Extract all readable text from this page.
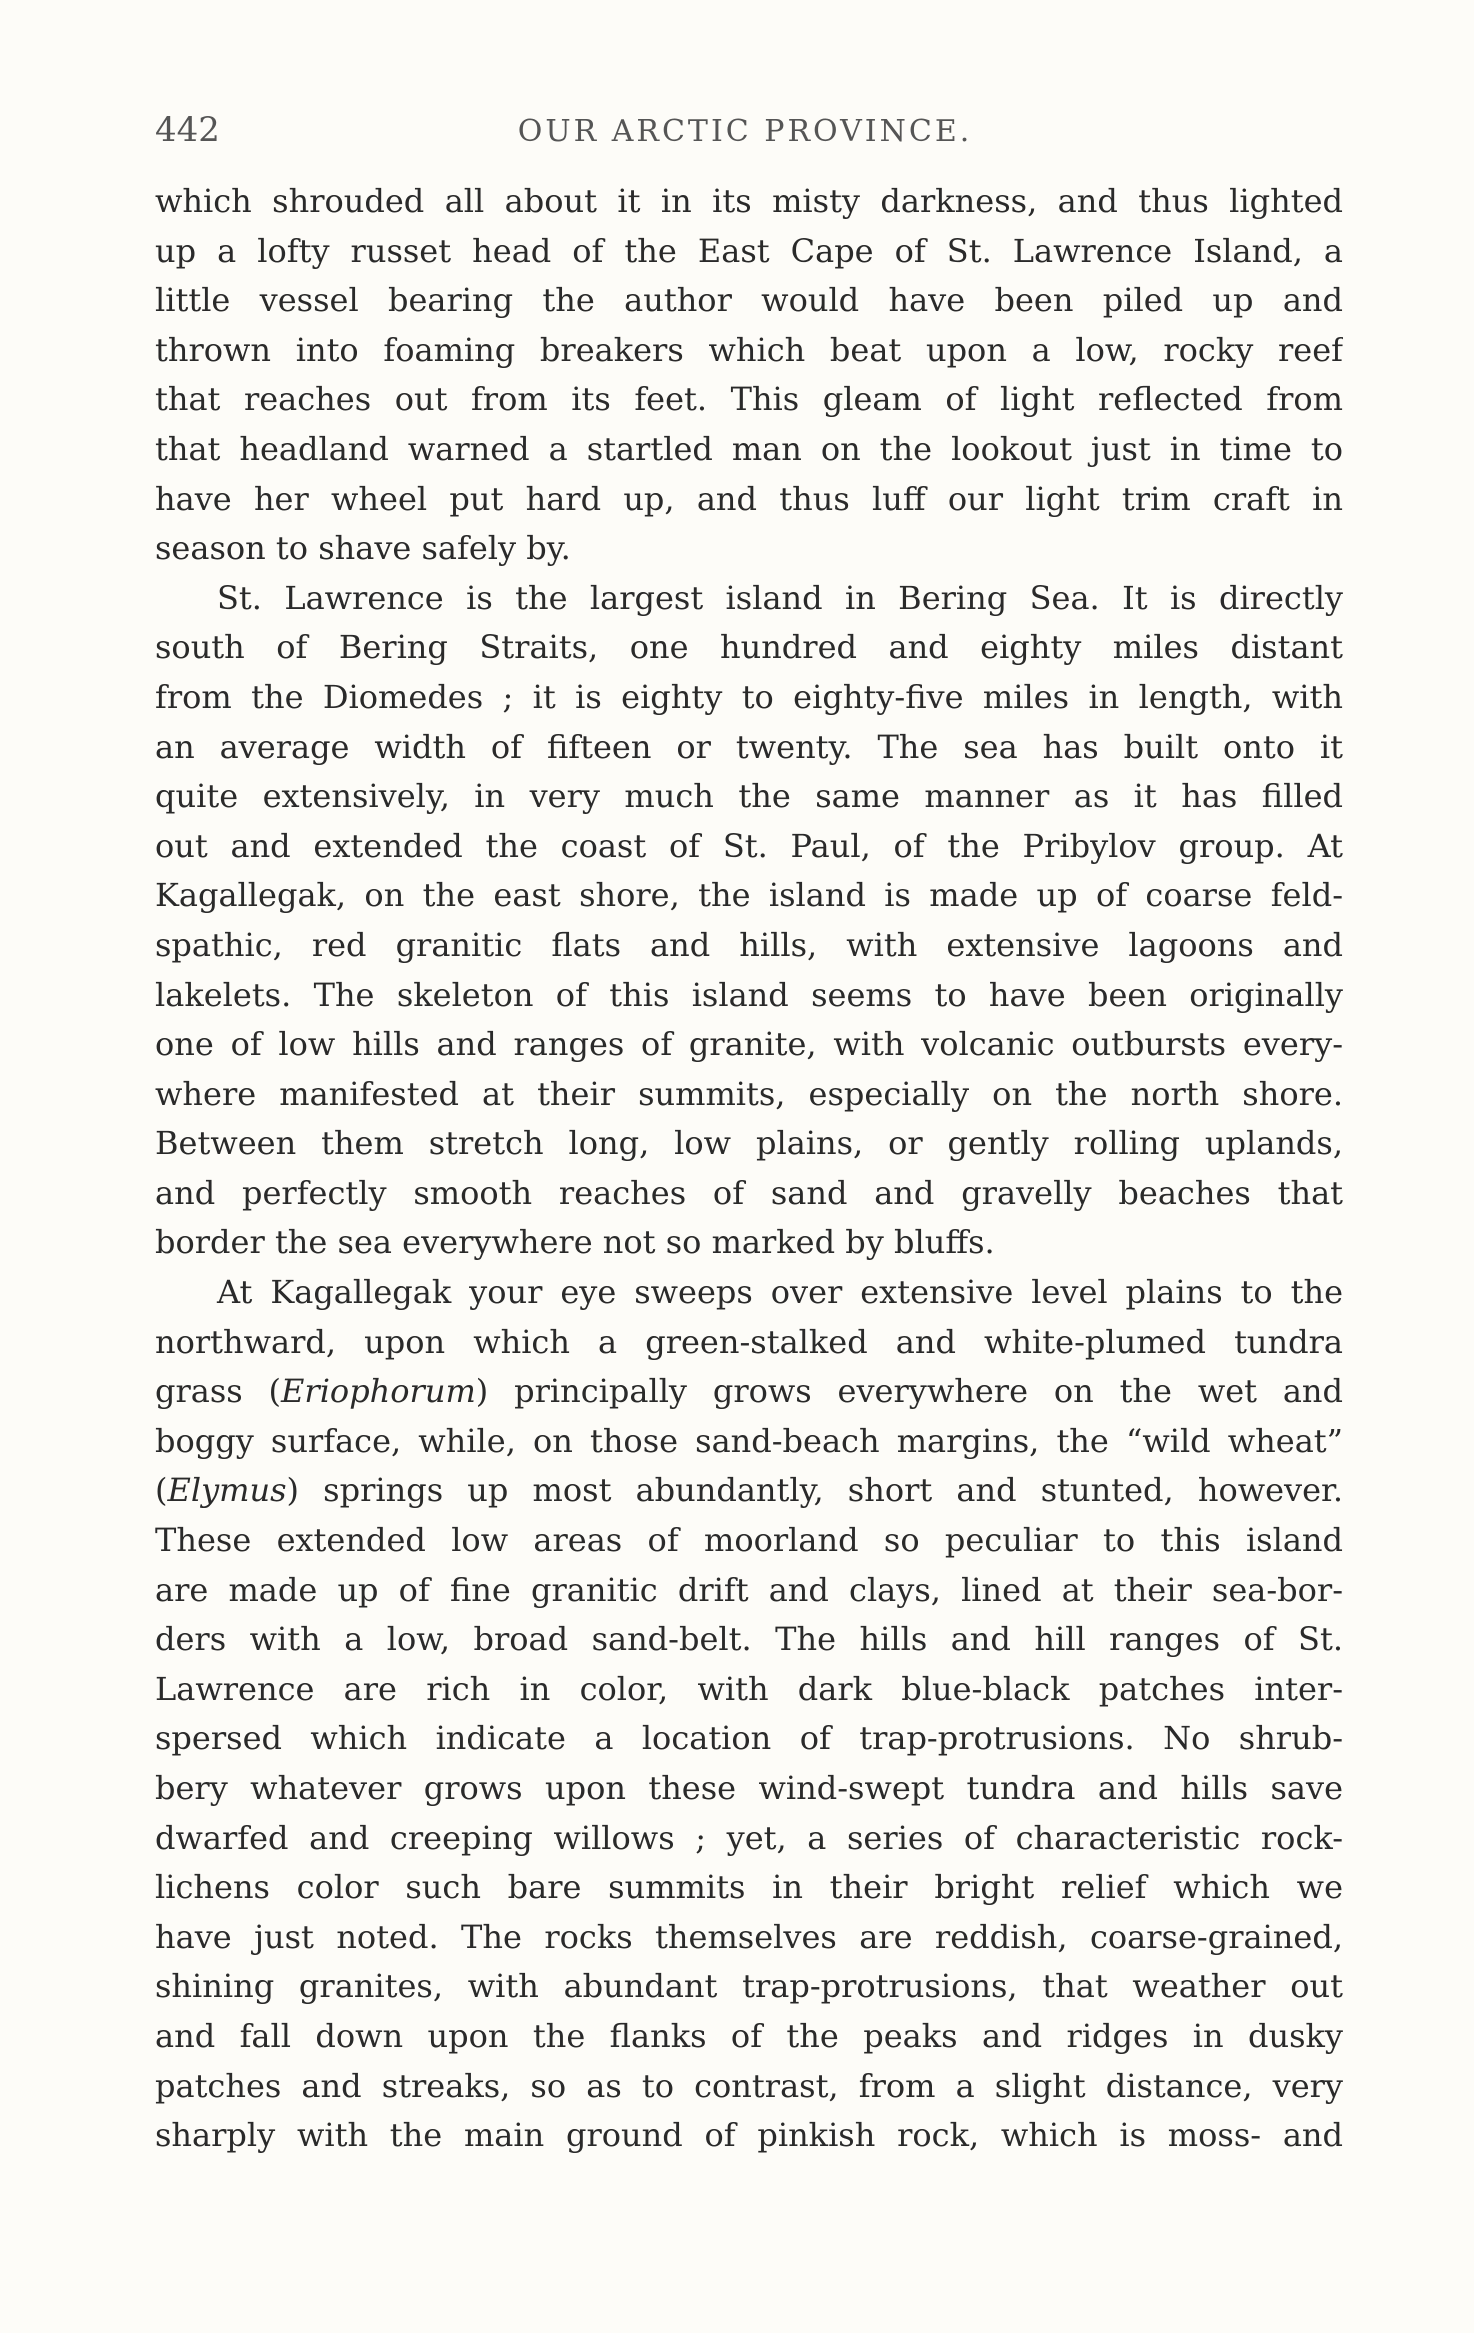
442	OUR ARCTIC PROVINCE.
which shrouded all about it in its misty darkness, and thus lighted
up a lofty russet head of the East Cape of St. Lawrence Island, a
little vessel bearing the author would have been piled up and
thrown into foaming breakers which beat upon a low, rocky reef
that reaches out from its feet. This gleam of light reflected from
that headland warned a startled man on the lookout just in time to
have her wheel put hard up, and thus luff our light trim craft in
season to shave safely by.
St. Lawrence is the largest island in Bering Sea. It is directly
south of Bering Straits, one hundred and eighty miles distant
from the Diomedes ; it is eighty to eighty-five miles in length, with
an average width of fifteen or twenty. The sea has built onto it
quite extensively, in very much the same manner as it has filled
out and extended the coast of St. Paul, of the Pribylov group. At
Kagallegak, on the east shore, the island is made up of coarse feld-
spathic, red granitic flats and hills, with extensive lagoons and
lakelets. The skeleton of this island seems to have been originally
one of low hills and ranges of granite, with volcanic outbursts every-
where manifested at their summits, especially on the north shore.
Between them stretch long, low plains, or gently rolling uplands,
and perfectly smooth reaches of sand and gravelly beaches that
border the sea everywhere not so marked by bluffs.
At Kagallegak your eye sweeps over extensive level plains to the
northward, upon which a green-stalked and white-plumed tundra
grass (Eriophorum) principally grows everywhere on the wet and
boggy surface, while, on those sand-beach margins, the “wild wheat”
(Elymus) springs up most abundantly, short and stunted, however.
These extended low areas of moorland so peculiar to this island
are made up of fine granitic drift and clays, lined at their sea-bor-
ders with a low, broad sand-belt. The hills and hill ranges of St.
Lawrence are rich in color, with dark blue-black patches inter-
spersed which indicate a location of trap-protrusions. No shrub-
bery whatever grows upon these wind-swept tundra and hills save
dwarfed and creeping willows ; yet, a series of characteristic rock-
lichens color such bare summits in their bright relief which we
have just noted. The rocks themselves are reddish, coarse-grained,
shining granites, with abundant trap-protrusions, that weather out
and fall down upon the flanks of the peaks and ridges in dusky
patches and streaks, so as to contrast, from a slight distance, very
sharply with the main ground of pinkish rock, which is moss- and
